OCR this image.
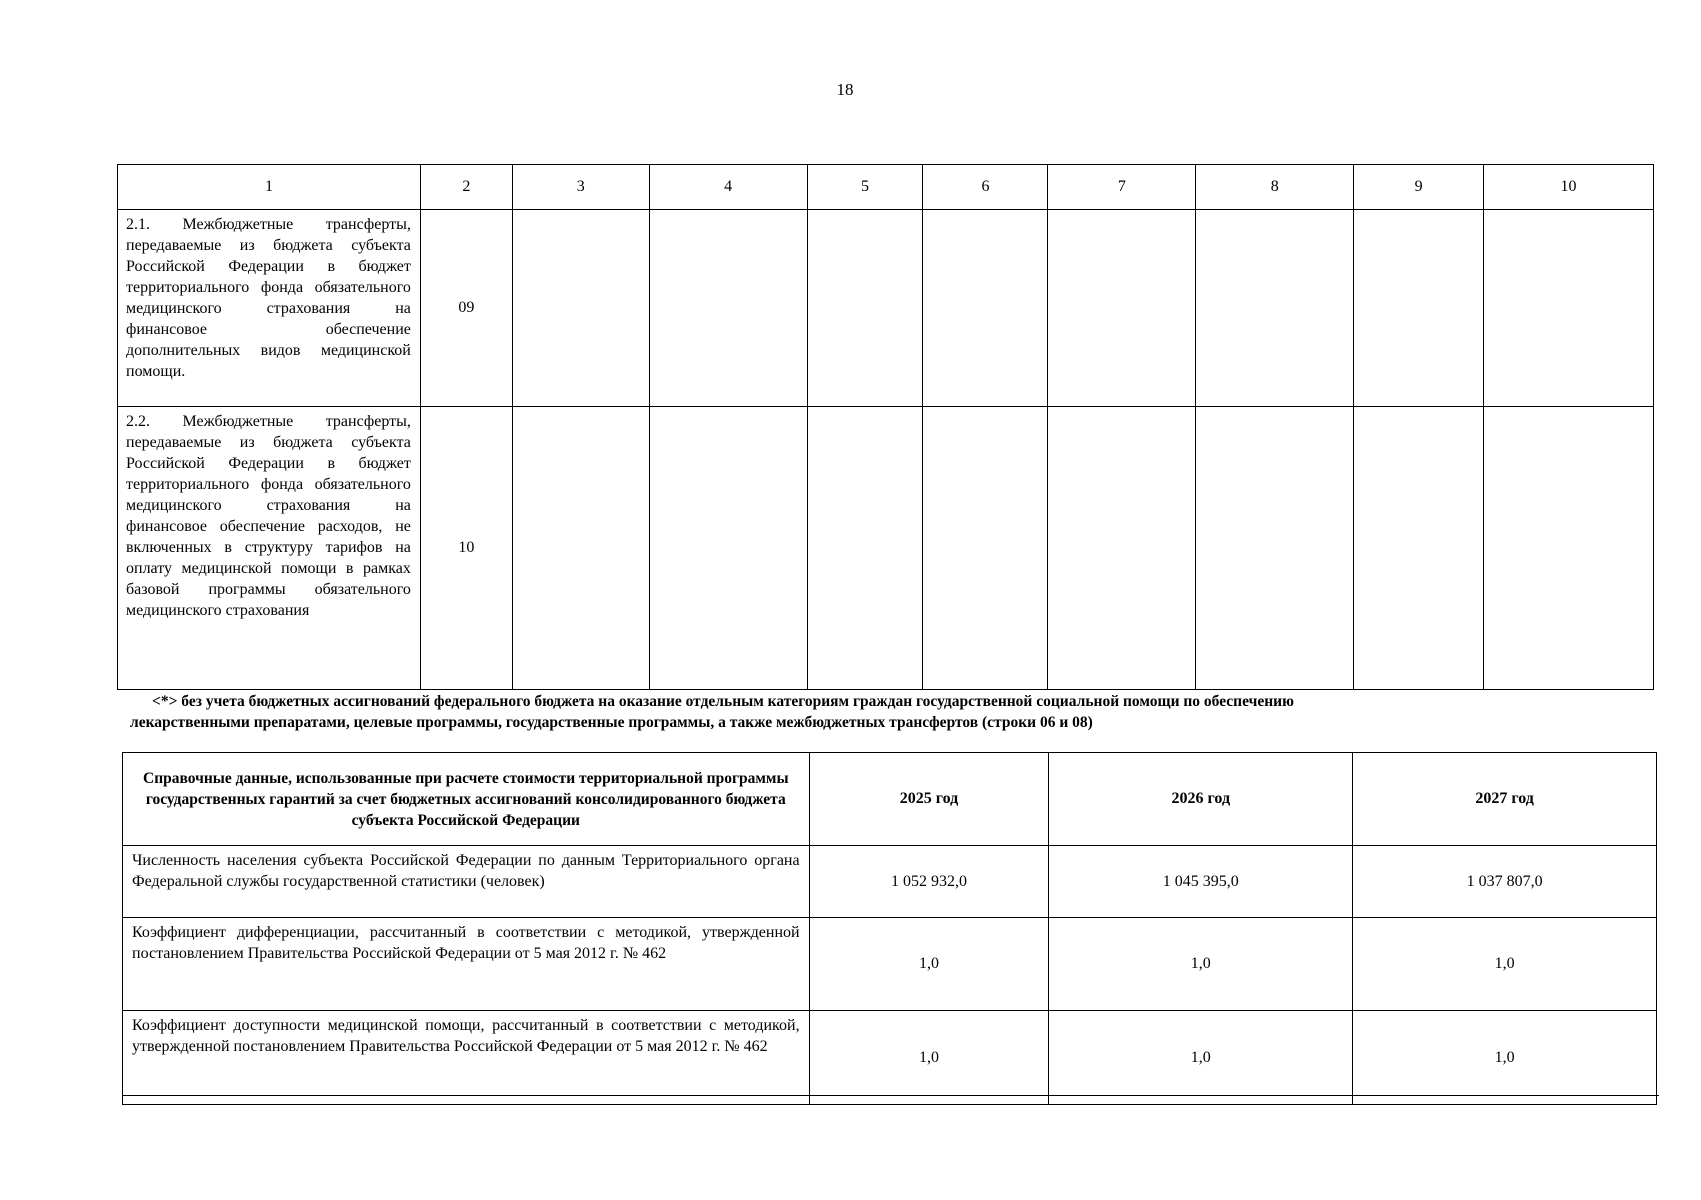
18
1	2	3	4	5	6	7	8	9	10
2.1. Межбюджетные трансферты, передаваемые из бюджета субъекта Российской Федерации в бюджет территориального фонда обязательного медицинского страхования на финансовое обеспечение дополнительных видов медицинской помощи.	09								
2.2. Межбюджетные трансферты, передаваемые из бюджета субъекта Российской Федерации в бюджет территориального фонда обязательного медицинского страхования на финансовое обеспечение расходов, не включенных в структуру тарифов на оплату медицинской помощи в рамках базовой программы обязательного медицинского страхования	10								
<*> без учета бюджетных ассигнований федерального бюджета на оказание отдельным категориям граждан государственной социальной помощи по обеспечению
лекарственными препаратами, целевые программы, государственные программы, а также межбюджетных трансфертов (строки 06 и 08)
Справочные данные, использованные при расчете стоимости территориальной программы государственных гарантий за счет бюджетных ассигнований консолидированного бюджета субъекта Российской Федерации	2025 год	2026 год	2027 год
Численность населения субъекта Российской Федерации по данным Территориального органа Федеральной службы государственной статистики (человек)	1 052 932,0	1 045 395,0	1 037 807,0
Коэффициент дифференциации, рассчитанный в соответствии с методикой, утвержденной постановлением Правительства Российской Федерации от 5 мая 2012 г. № 462	1,0	1,0	1,0
Коэффициент доступности медицинской помощи, рассчитанный в соответствии с методикой, утвержденной постановлением Правительства Российской Федерации от 5 мая 2012 г. № 462	1,0	1,0	1,0
